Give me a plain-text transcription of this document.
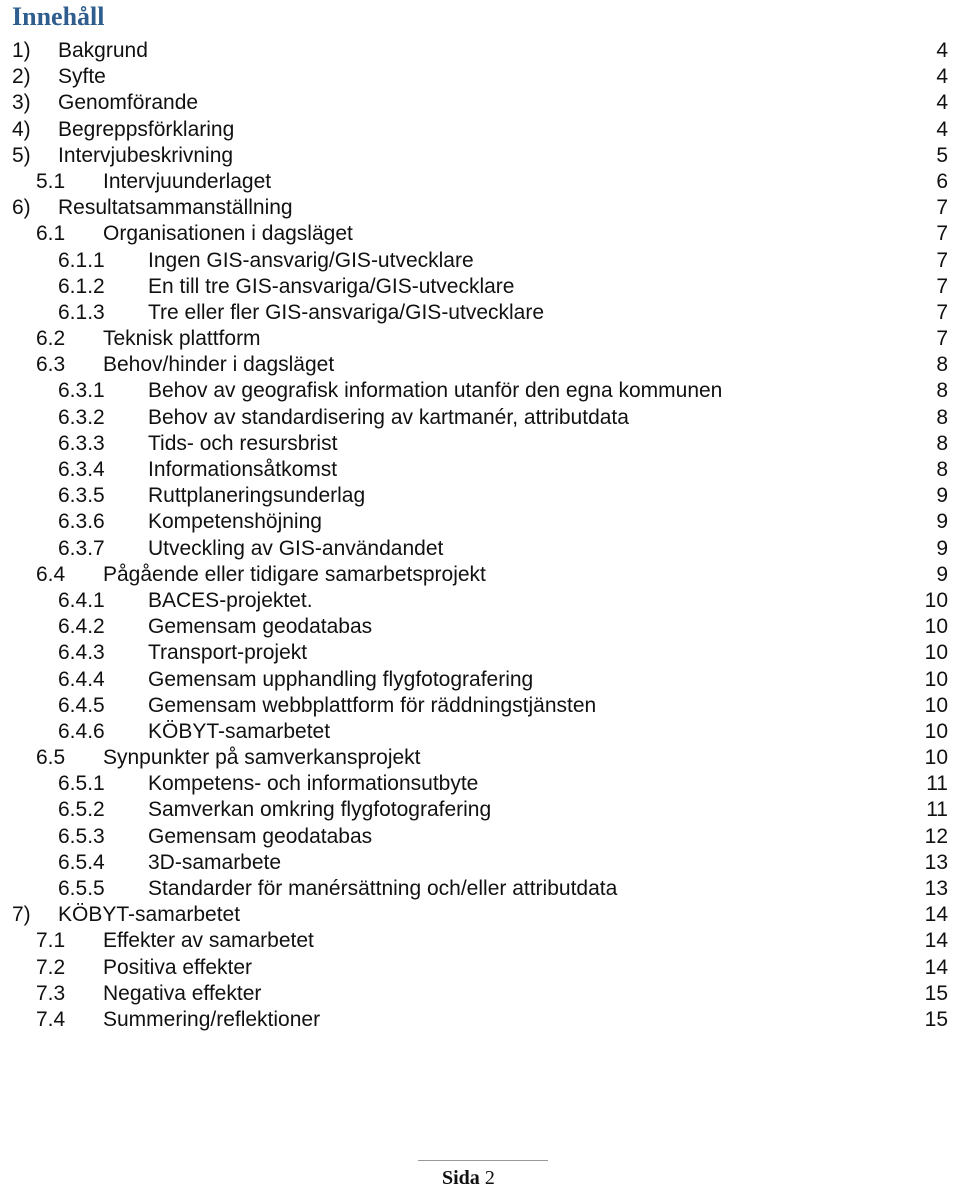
Innehåll
1) Bakgrund	4
2) Syfte	4
3) Genomförande	4
4) Begreppsförklaring	4
5) Intervjubeskrivning	5
5.1 Intervjuunderlaget	6
6) Resultatsammanställning	7
6.1 Organisationen i dagsläget	7
6.1.1 Ingen GIS-ansvarig/GIS-utvecklare	7
6.1.2 En till tre GIS-ansvariga/GIS-utvecklare	7
6.1.3 Tre eller fler GIS-ansvariga/GIS-utvecklare	7
6.2 Teknisk plattform	7
6.3 Behov/hinder i dagsläget	8
6.3.1 Behov av geografisk information utanför den egna kommunen	8
6.3.2 Behov av standardisering av kartmanér, attributdata	8
6.3.3 Tids- och resursbrist	8
6.3.4 Informationsåtkomst	8
6.3.5 Ruttplaneringsunderlag	9
6.3.6 Kompetenshöjning	9
6.3.7 Utveckling av GIS-användandet	9
6.4 Pågående eller tidigare samarbetsprojekt	9
6.4.1 BACES-projektet.	10
6.4.2 Gemensam geodatabas	10
6.4.3 Transport-projekt	10
6.4.4 Gemensam upphandling flygfotografering	10
6.4.5 Gemensam webbplattform för räddningstjänsten	10
6.4.6 KÖBYT-samarbetet	10
6.5 Synpunkter på samverkansprojekt	10
6.5.1 Kompetens- och informationsutbyte	11
6.5.2 Samverkan omkring flygfotografering	11
6.5.3 Gemensam geodatabas	12
6.5.4 3D-samarbete	13
6.5.5 Standarder för manérsättning och/eller attributdata	13
7) KÖBYT-samarbetet	14
7.1 Effekter av samarbetet	14
7.2 Positiva effekter	14
7.3 Negativa effekter	15
7.4 Summering/reflektioner	15
Sida 2
